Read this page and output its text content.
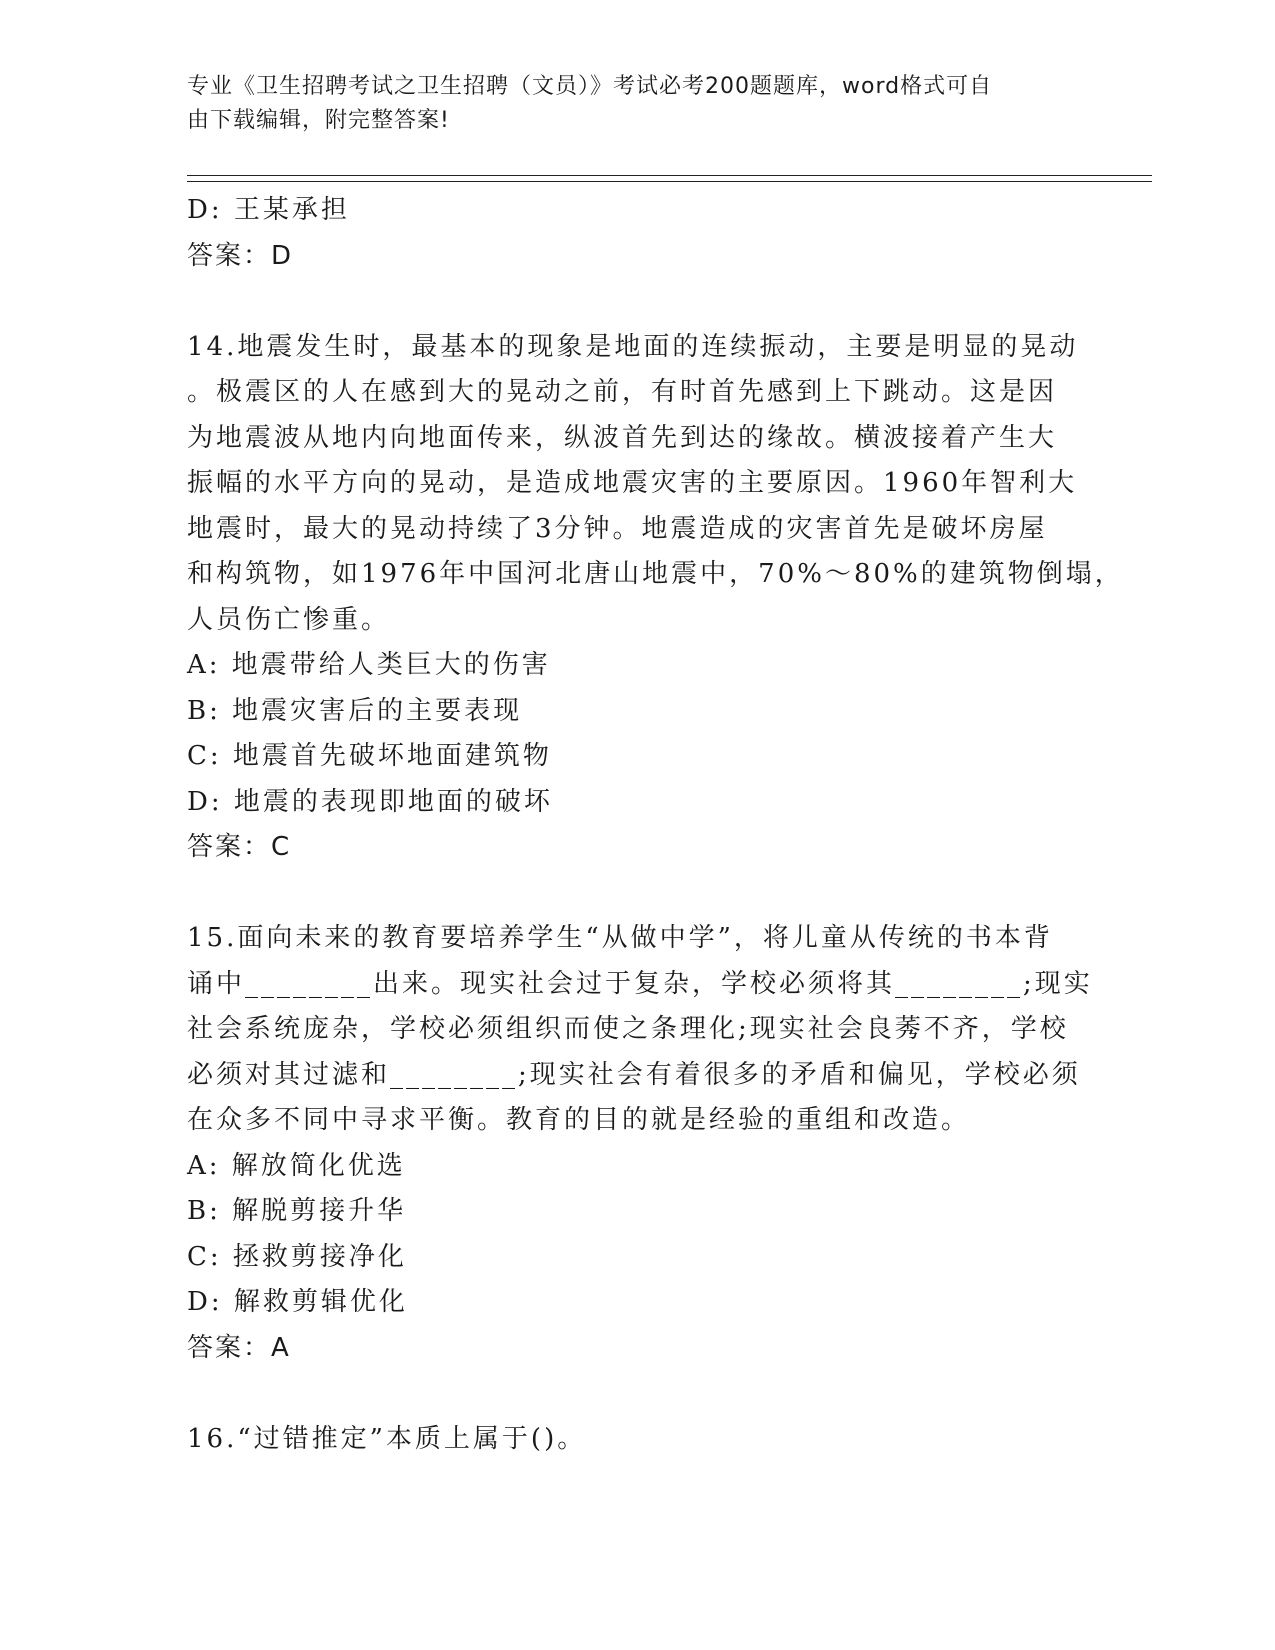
专业《卫生招聘考试之卫生招聘（文员）》考试必考200题题库，word格式可自
由下载编辑，附完整答案!

D: 王某承担

答案：D

14.地震发生时，最基本的现象是地面的连续振动，主要是明显的晃动

。极震区的人在感到大的晃动之前，有时首先感到上下跳动。这是因

为地震波从地内向地面传来，纵波首先到达的缘故。横波接着产生大

振幅的水平方向的晃动，是造成地震灾害的主要原因。1960年智利大

地震时，最大的晃动持续了3分钟。地震造成的灾害首先是破坏房屋

和构筑物，如1976年中国河北唐山地震中，70%～80%的建筑物倒塌，

人员伤亡惨重。

A: 地震带给人类巨大的伤害

B: 地震灾害后的主要表现

C: 地震首先破坏地面建筑物

D: 地震的表现即地面的破坏

答案：C

15.面向未来的教育要培养学生“从做中学”，将儿童从传统的书本背

诵中________出来。现实社会过于复杂，学校必须将其________;现实

社会系统庞杂，学校必须组织而使之条理化;现实社会良莠不齐，学校

必须对其过滤和________;现实社会有着很多的矛盾和偏见，学校必须

在众多不同中寻求平衡。教育的目的就是经验的重组和改造。

A: 解放简化优选

B: 解脱剪接升华

C: 拯救剪接净化

D: 解救剪辑优化

答案：A

16.“过错推定”本质上属于()。
